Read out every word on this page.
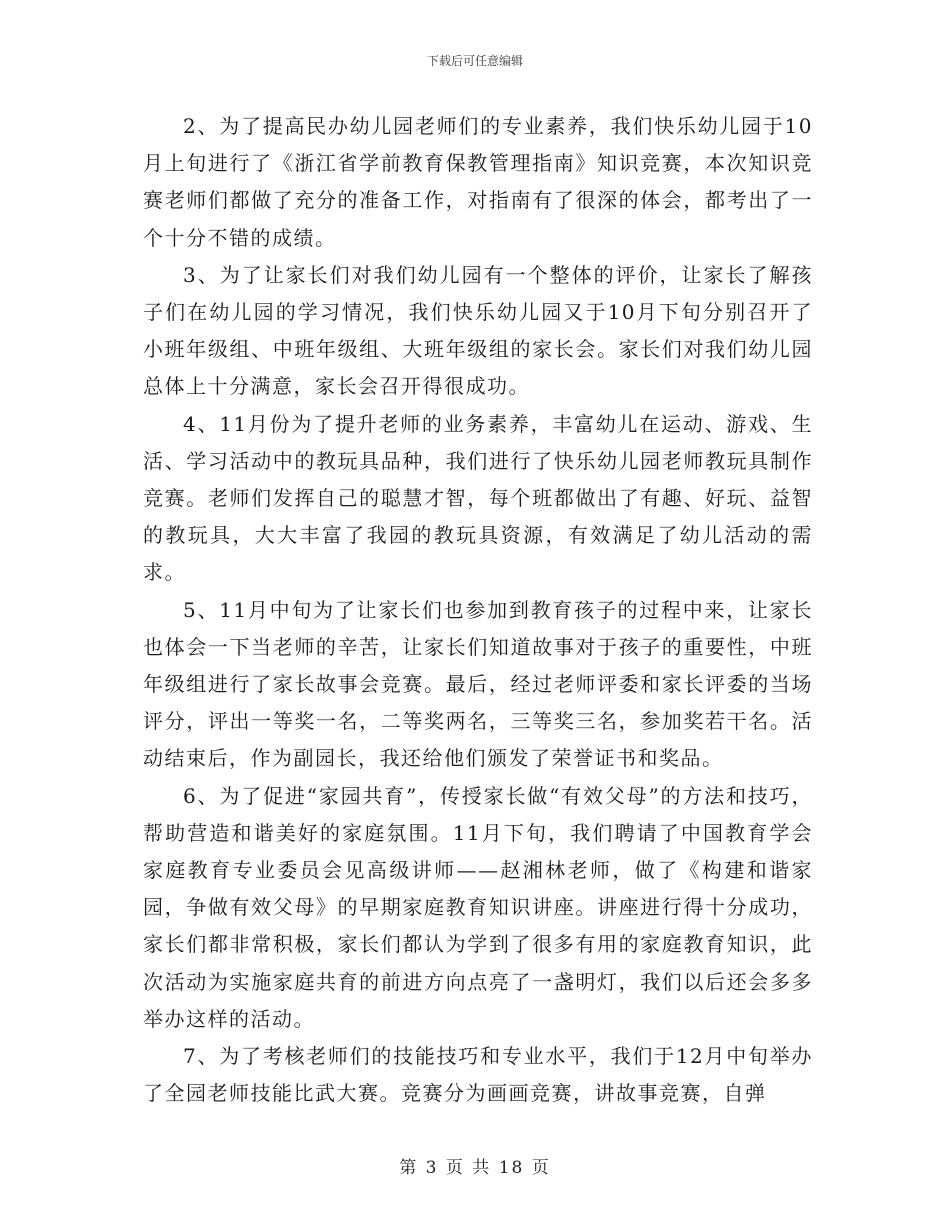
下载后可任意编辑

2、为了提高民办幼儿园老师们的专业素养，我们快乐幼儿园于10月上旬进行了《浙江省学前教育保教管理指南》知识竞赛，本次知识竞赛老师们都做了充分的准备工作，对指南有了很深的体会，都考出了一个十分不错的成绩。

3、为了让家长们对我们幼儿园有一个整体的评价，让家长了解孩子们在幼儿园的学习情况，我们快乐幼儿园又于10月下旬分别召开了小班年级组、中班年级组、大班年级组的家长会。家长们对我们幼儿园总体上十分满意，家长会召开得很成功。

4、11月份为了提升老师的业务素养，丰富幼儿在运动、游戏、生活、学习活动中的教玩具品种，我们进行了快乐幼儿园老师教玩具制作竞赛。老师们发挥自己的聪慧才智，每个班都做出了有趣、好玩、益智的教玩具，大大丰富了我园的教玩具资源，有效满足了幼儿活动的需求。

5、11月中旬为了让家长们也参加到教育孩子的过程中来，让家长也体会一下当老师的辛苦，让家长们知道故事对于孩子的重要性，中班年级组进行了家长故事会竞赛。最后，经过老师评委和家长评委的当场评分，评出一等奖一名，二等奖两名，三等奖三名，参加奖若干名。活动结束后，作为副园长，我还给他们颁发了荣誉证书和奖品。

6、为了促进“家园共育”，传授家长做“有效父母”的方法和技巧，帮助营造和谐美好的家庭氛围。11月下旬，我们聘请了中国教育学会家庭教育专业委员会见高级讲师——赵湘林老师，做了《构建和谐家园，争做有效父母》的早期家庭教育知识讲座。讲座进行得十分成功，家长们都非常积极，家长们都认为学到了很多有用的家庭教育知识，此次活动为实施家庭共育的前进方向点亮了一盏明灯，我们以后还会多多举办这样的活动。

7、为了考核老师们的技能技巧和专业水平，我们于12月中旬举办了全园老师技能比武大赛。竞赛分为画画竞赛，讲故事竞赛，自弹

第 3 页 共 18 页
